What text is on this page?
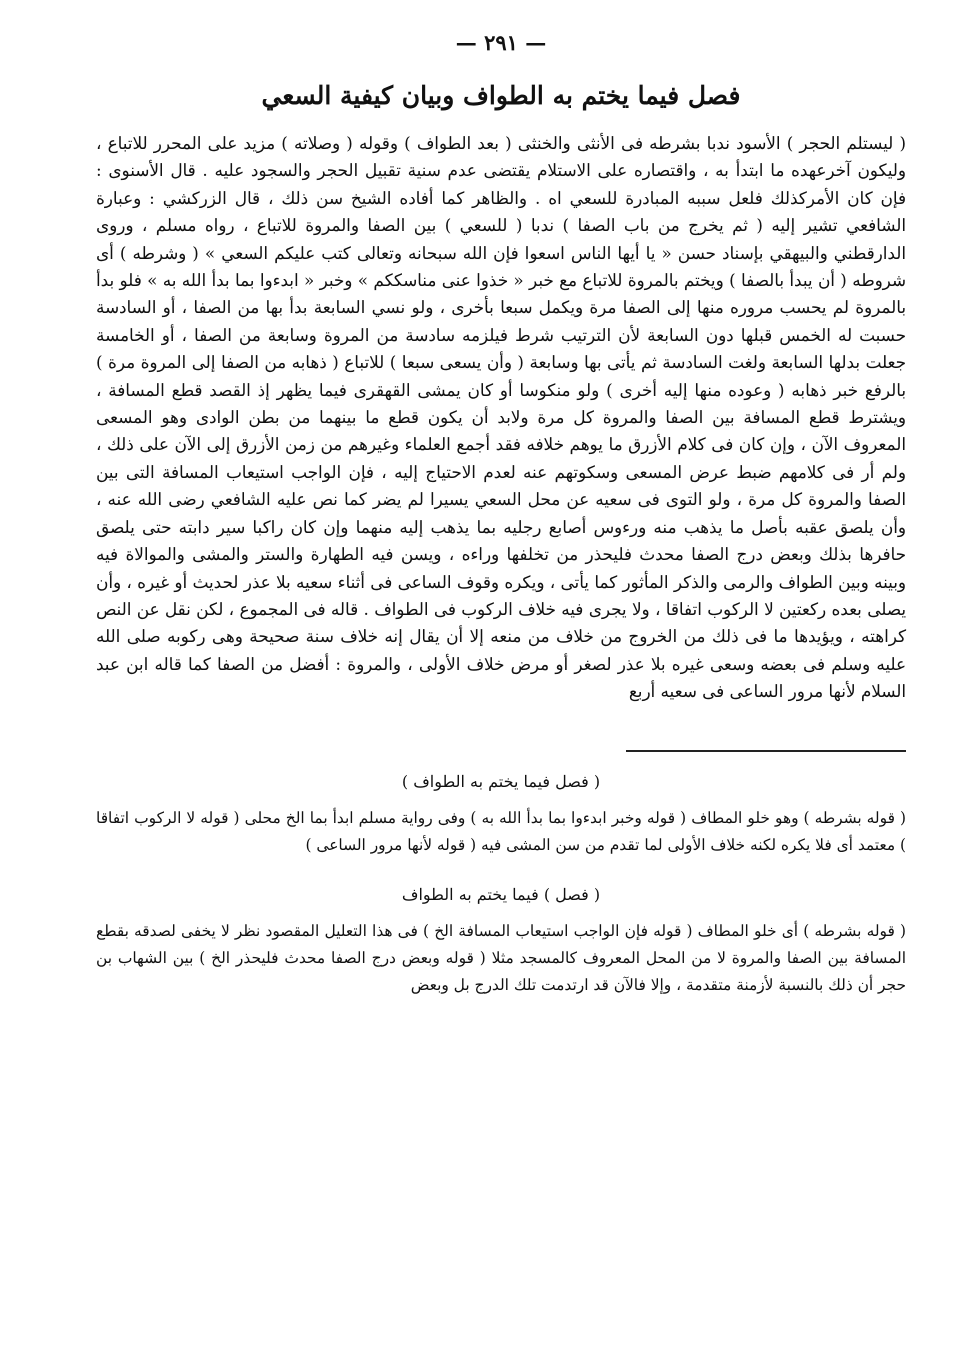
— ٢٩١ —
فصل فيما يختم به الطواف وبيان كيفية السعي

( ليستلم الحجر ) الأسود ندبا بشرطه فى الأنثى والخنثى ( بعد الطواف ) وقوله ( وصلاته ) مزيد على المحرر للاتباع ، وليكون آخرعهده ما ابتدأ به ، واقتصاره على الاستلام يقتضى عدم سنية تقبيل الحجر والسجود عليه . قال الأسنوى : فإن كان الأمركذلك فلعل سببه المبادرة للسعي اه . والظاهر كما أفاده الشيخ سن ذلك ، قال الزركشي : وعبارة الشافعي تشير إليه ( ثم يخرج من باب الصفا ) ندبا ( للسعي ) بين الصفا والمروة للاتباع ، رواه مسلم ، وروى الدارقطني والبيهقي بإسناد حسن « يا أيها الناس اسعوا فإن الله سبحانه وتعالى كتب عليكم السعي » ( وشرطه ) أى شروطه ( أن يبدأ بالصفا ) ويختم بالمروة للاتباع مع خبر « خذوا عنى مناسككم » وخبر « ابدءوا بما بدأ الله به » فلو بدأ بالمروة لم يحسب مروره منها إلى الصفا مرة ويكمل سبعا بأخرى ، ولو نسي السابعة بدأ بها من الصفا ، أو السادسة حسبت له الخمس قبلها دون السابعة لأن الترتيب شرط فيلزمه سادسة من المروة وسابعة من الصفا ، أو الخامسة جعلت بدلها السابعة ولغت السادسة ثم يأتى بها وسابعة ( وأن يسعى سبعا ) للاتباع ( ذهابه من الصفا إلى المروة مرة ) بالرفع خبر ذهابه ( وعوده منها إليه أخرى ) ولو منكوسا أو كان يمشى القهقرى فيما يظهر إذ القصد قطع المسافة ، ويشترط قطع المسافة بين الصفا والمروة كل مرة ولابد أن يكون قطع ما بينهما من بطن الوادى وهو المسعى المعروف الآن ، وإن كان فى كلام الأزرق ما يوهم خلافه فقد أجمع العلماء وغيرهم من زمن الأزرق إلى الآن على ذلك ، ولم أر فى كلامهم ضبط عرض المسعى وسكوتهم عنه لعدم الاحتياج إليه ، فإن الواجب استيعاب المسافة التى بين الصفا والمروة كل مرة ، ولو التوى فى سعيه عن محل السعي يسيرا لم يضر كما نص عليه الشافعي رضى الله عنه ، وأن يلصق عقبه بأصل ما يذهب منه ورءوس أصابع رجليه بما يذهب إليه منهما وإن كان راكبا سير دابته حتى يلصق حافرها بذلك وبعض درج الصفا محدث فليحذر من تخلفها وراءه ، ويسن فيه الطهارة والستر والمشى والموالاة فيه وبينه وبين الطواف والرمى والذكر المأثور كما يأتى ، ويكره وقوف الساعى فى أثناء سعيه بلا عذر لحديث أو غيره ، وأن يصلى بعده ركعتين لا الركوب اتفاقا ، ولا يجرى فيه خلاف الركوب فى الطواف . قاله فى المجموع ، لكن نقل عن النص كراهته ، ويؤيدها ما فى ذلك من الخروج من خلاف من منعه إلا أن يقال إنه خلاف سنة صحيحة وهى ركوبه صلى الله عليه وسلم فى بعضه وسعى غيره بلا عذر لصغر أو مرض خلاف الأولى ، والمروة : أفضل من الصفا كما قاله ابن عبد السلام لأنها مرور الساعى فى سعيه أربع

( فصل فيما يختم به الطواف )

( قوله بشرطه ) وهو خلو المطاف ( قوله وخبر ابدءوا بما بدأ الله به ) وفى رواية مسلم ابدأ بما الخ محلى ( قوله لا الركوب اتفاقا ) معتمد أى فلا يكره لكنه خلاف الأولى لما تقدم من سن المشى فيه ( قوله لأنها مرور الساعى )

( فصل ) فيما يختم به الطواف

( قوله بشرطه ) أى خلو المطاف ( قوله فإن الواجب استيعاب المسافة الخ ) فى هذا التعليل المقصود نظر لا يخفى لصدقه بقطع المسافة بين الصفا والمروة لا من المحل المعروف كالمسجد مثلا ( قوله وبعض درج الصفا محدث فليحذر الخ ) بين الشهاب بن حجر أن ذلك بالنسبة لأزمنة متقدمة ، وإلا فالآن قد ارتدمت تلك الدرج بل وبعض
